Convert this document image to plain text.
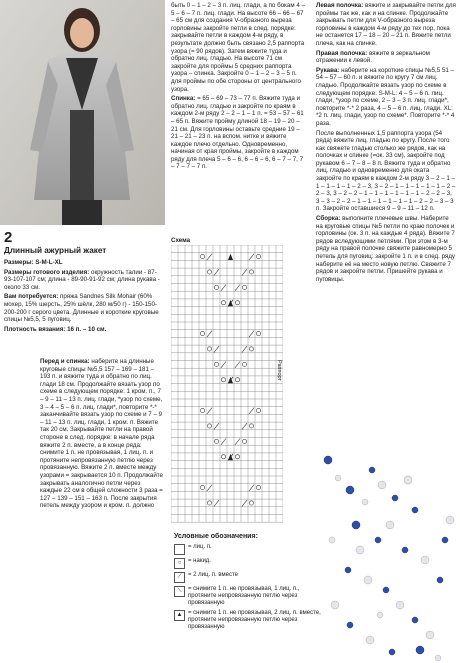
2
Длинный ажурный жакет

Размеры: S-M-L-XL

Размеры готового изделия: окружность талии - 87-93-107-107 см; длина - 89-90-91-92 см; длина рукава - около 33 см.

Вам потребуется: пряжа Sandnes Silk Mohair (60% мохер, 15% шерсть, 25% шёлк, 280 м/50 г) - 150-150-200-200 г серого цвета. Длинные и короткие круговые спицы №5,5, 5 пуговиц.

Плотность вязания: 16 п. – 10 см.

Перед и спинка: наберите на длинные круговые спицы №5,5 157 – 169 – 181 – 193 п. и вяжите туда и обратно по лиц. глади 18 см. Продолжайте вязать узор по схеме в следующем порядке: 1 кром. п., 7 – 9 – 11 – 13 п. лиц. глади, *узор по схеме, 3 – 4 – 5 – 6 п. лиц. глади*, повторите *-* заканчивайте вязать узор по схеме и 7 – 9 – 11 – 13 п. лиц. глади, 1 кром. п. Вяжите так 20 см. Закрывайте петли на правой стороне в след. порядке: в начале ряда вяжите 2 п. вместе, а в конце ряда: снимите 1 п. не провязывая, 1 лиц. п. и протяните непровязанную петлю через провязанную. Вяжите 2 п. вместе между узорами = закрывается 10 п. Продолжайте закрывать аналогично петли через каждые 22 см в общей сложности 3 раза = 127 – 139 – 151 – 163 п. После закрытия петель между узором и кром. п. должно

быть 0 – 1 – 2 – 3 п. лиц. глади, а по бокам 4 – 5 – 6 – 7 п. лиц. глади. На высоте 66 – 66 – 67 – 65 см для создания V-образного выреза горловины закройте петли в след. порядке: закрывайте петли в каждом 4-м ряду, в результате должно быть связано 2,5 раппорта узора (= 90 рядов). Затем вяжите туда и обратно лиц. гладью. На высоте 71 см закройте для проймы 5 средних раппорта узора – спинка. Закройте 0 – 1 – 2 – 3 – 5 п. для проймы по обе стороны от центрального узора.

Спинка: = 65 – 69 – 73 – 77 п. Вяжите туда и обратно лиц. гладью и закройте по краям в каждом 2-м ряду 2 – 2 – 1 – 1 п. = 53 – 57 – 61 – 65 п. Вяжите пройму длиной 18 – 19 – 20 – 21 см. Для горловины оставьте средние 19 – 21 – 21 – 23 п. на вспом. нитке и вяжите каждое плечо отдельно. Одновременно, начиная от края проймы, закройте в каждом ряду для плеча 5 – 6 – 6, 6 – 6 – 6, 6 – 7 – 7, 7 – 7 – 7 – 7 п.

Схема
Раппорт
Условные обозначения:
= лиц. п.
○	= накид.
⟋	= 2 лиц. п. вместе
⟍	= снимите 1 п. не провязывая, 1 лиц. п., протяните непровязанную петлю через провязанную
▲ = снимите 1 п. не провязывая, 2 лиц. п. вместе, протяните непровязанную петлю через провязанную

Левая полочка: вяжите и закрывайте петли для проймы так же, как и на спинке. Продолжайте закрывать петли для V-образного выреза горловины в каждом 4-м ряду до тех пор, пока не останется 17 – 18 – 20 – 21 п. Вяжите петли плеча, как на спинке.

Правая полочка: вяжите в зеркальном отражении к левой.

Рукава: наберите на короткие спицы №5,5 51 – 54 – 57 – 60 п. и вяжите по кругу 7 см лиц. гладью. Продолжайте вязать узор по схеме в следующем порядке: S-M-L: 4 – 5 – 6 п. лиц. глади, *узор по схеме, 2 – 3 – 3 п. лиц. глади*, повторите *-* 2 раза, 4 – 5 – 6 п. лиц. глади. XL: *2 п. лиц. глади, узор по схеме*. Повторите *-* 4 раза.

После выполненных 1,5 раппорта узора (54 ряда) вяжите лиц. гладью по кругу. После того как свяжете гладью столько же рядов, как на полочках и спинке (=ок. 33 см), закройте под рукавом 6 – 7 – 8 – 8 п. Вяжите туда и обратно лиц. гладью и одновременно для оката закройте по краям в каждом 2-м ряду 3 – 2 – 1 – 1 – 1 – 1 – 1 – 2 – 3, 3 – 2 – 1 – 1 – 1 – 1 – 1 – 2 – 2 – 3, 3 – 2 – 2 – 1 – 1 – 1 – 1 – 1 – 1 – 2 – 2 – 3, 3 – 3 – 2 – 2 – 1 – 1 – 1 – 1 – 1 – 1 – 2 – 2 – 3 – 3 п. Закройте оставшиеся 9 – 9 – 11 – 12 п.

Сборка: выполните плечевые швы. Наберите на круговые спицы №5 петли по краю полочек и горловины (ок. 3 п. на каждые 4 ряда). Вяжите 7 рядов вследующими петлями. При этом в 3-м ряду на правой полочке свяжите равномерно 5 петель для пуговиц: закройте 1 п. и в след. ряду наберите её на место новую петлю. Свяжите 7 рядов и закройте петли. Пришейте рукава и пуговицы.
